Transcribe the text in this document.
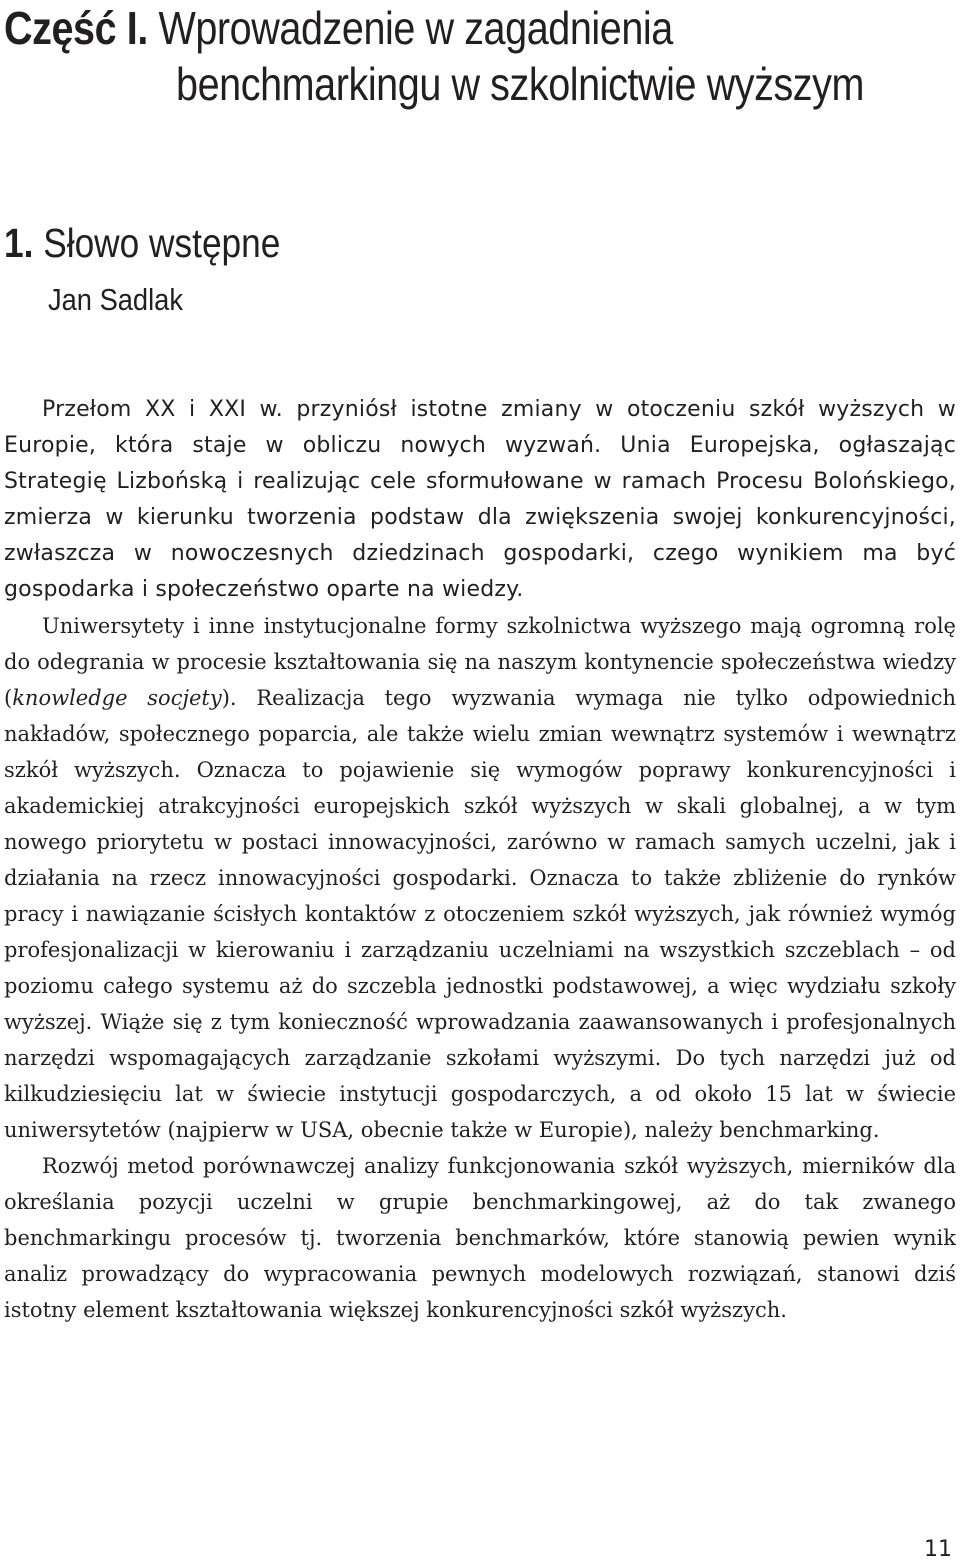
Część I. Wprowadzenie w zagadnienia
benchmarkingu w szkolnictwie wyższym
1. Słowo wstępne
Jan Sadlak

Przełom XX i XXI w. przyniósł istotne zmiany w otoczeniu szkół wyższych w Europie, która staje w obliczu nowych wyzwań. Unia Europejska, ogłaszając Strategię Lizbońską i realizując cele sformułowane w ramach Procesu Bolońskiego, zmierza w kierunku tworzenia podstaw dla zwiększenia swojej konkurencyjności, zwłaszcza w nowoczesnych dziedzinach gospodarki, czego wynikiem ma być gospodarka i społeczeństwo oparte na wiedzy.

Uniwersytety i inne instytucjonalne formy szkolnictwa wyższego mają ogromną rolę do odegrania w procesie kształtowania się na naszym kontynencie społeczeństwa wiedzy (knowledge socjety). Realizacja tego wyzwania wymaga nie tylko odpowiednich nakładów, społecznego poparcia, ale także wielu zmian wewnątrz systemów i wewnątrz szkół wyższych. Oznacza to pojawienie się wymogów poprawy konkurencyjności i akademickiej atrakcyjności europejskich szkół wyższych w skali globalnej, a w tym nowego priorytetu w postaci innowacyjności, zarówno w ramach samych uczelni, jak i działania na rzecz innowacyjności gospodarki. Oznacza to także zbliżenie do rynków pracy i nawiązanie ścisłych kontaktów z otoczeniem szkół wyższych, jak również wymóg profesjonalizacji w kierowaniu i zarządzaniu uczelniami na wszystkich szczeblach – od poziomu całego systemu aż do szczebla jednostki podstawowej, a więc wydziału szkoły wyższej. Wiąże się z tym konieczność wprowadzania zaawansowanych i profesjonalnych narzędzi wspomagających zarządzanie szkołami wyższymi. Do tych narzędzi już od kilkudziesięciu lat w świecie instytucji gospodarczych, a od około 15 lat w świecie uniwersytetów (najpierw w USA, obecnie także w Europie), należy benchmarking.

Rozwój metod porównawczej analizy funkcjonowania szkół wyższych, mierników dla określania pozycji uczelni w grupie benchmarkingowej, aż do tak zwanego benchmarkingu procesów tj. tworzenia benchmarków, które stanowią pewien wynik analiz prowadzący do wypracowania pewnych modelowych rozwiązań, stanowi dziś istotny element kształtowania większej konkurencyjności szkół wyższych.

11
